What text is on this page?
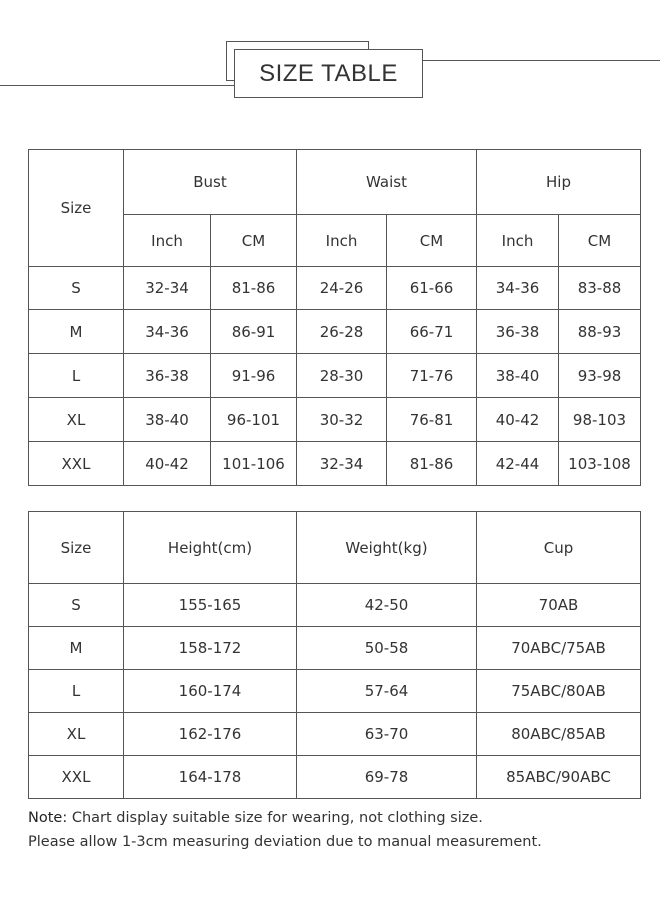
SIZE TABLE
Size	Bust		Waist		Hip	
	Inch	CM	Inch	CM	Inch	CM
S	32-34	81-86	24-26	61-66	34-36	83-88
M	34-36	86-91	26-28	66-71	36-38	88-93
L	36-38	91-96	28-30	71-76	38-40	93-98
XL	38-40	96-101	30-32	76-81	40-42	98-103
XXL	40-42	101-106	32-34	81-86	42-44	103-108
Size	Height(cm)	Weight(kg)	Cup
S	155-165	42-50	70AB
M	158-172	50-58	70ABC/75AB
L	160-174	57-64	75ABC/80AB
XL	162-176	63-70	80ABC/85AB
XXL	164-178	69-78	85ABC/90ABC
Note: Chart display suitable size for wearing, not clothing size.
Please allow 1-3cm measuring deviation due to manual measurement.
